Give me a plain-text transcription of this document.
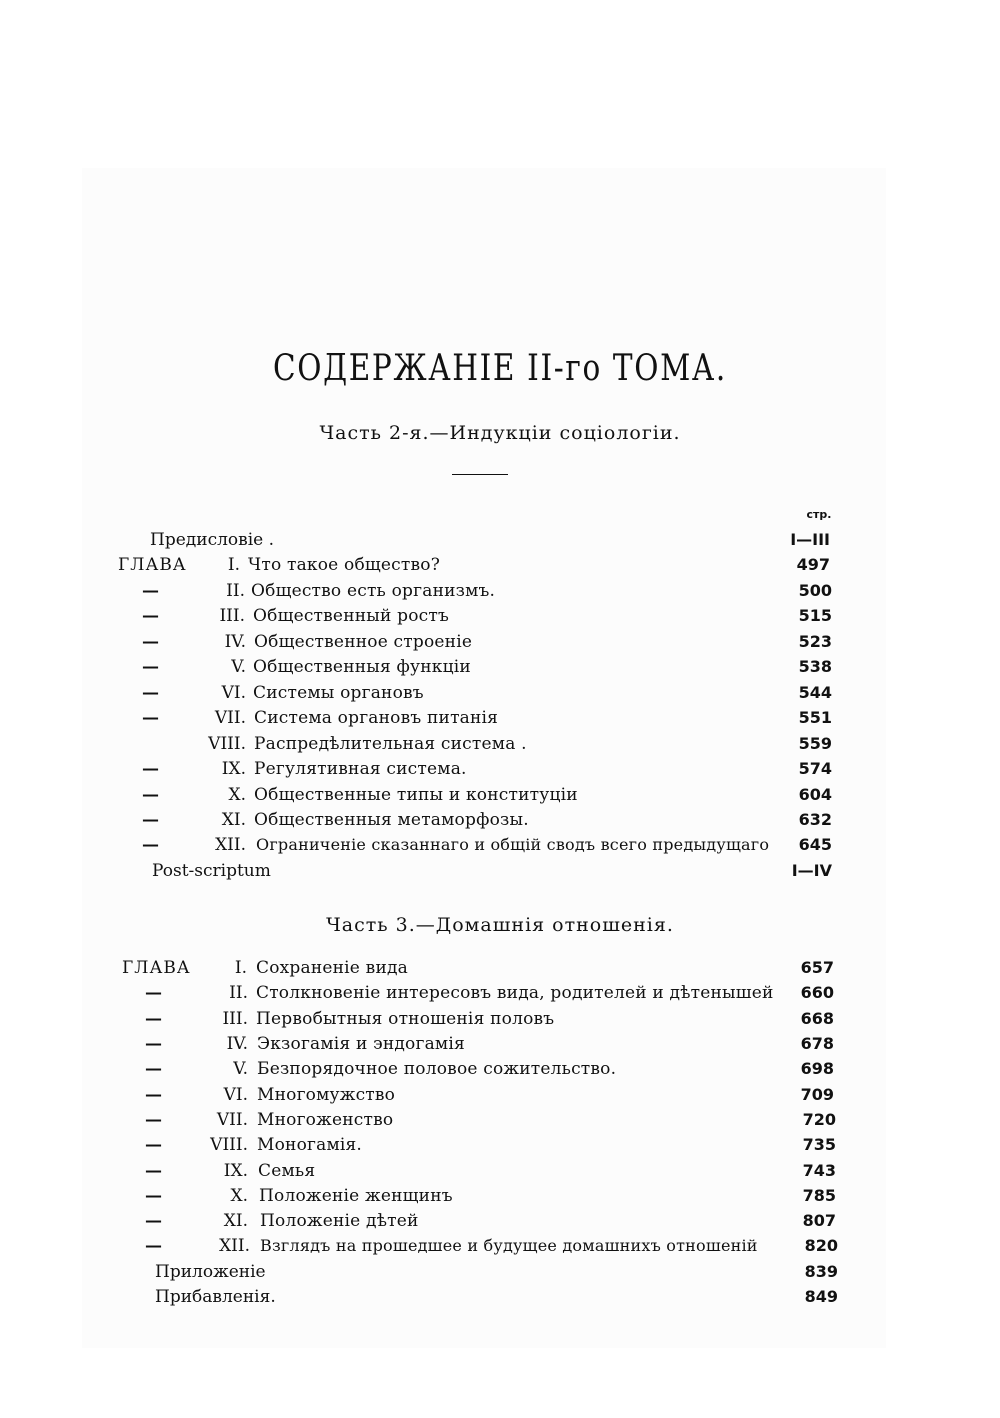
СОДЕРЖАНІЕ II-го ТОМА.
Часть 2-я.—Индукціи соціологіи.
стр.
Предисловіе .	I—III
ГЛАВА I. Что такое общество?	497
—	II. Общество есть организмъ.	500
—	III. Общественный ростъ	515
—	IV. Общественное строеніе	523
—	V. Общественныя функціи	538
—	VI. Системы органовъ	544
—	VII. Система органовъ питанія	551
VIII. Распредѣлительная система .	559
—	IX. Регулятивная система.	574
—	X. Общественные типы и конституціи	604
—	XI. Общественныя метаморфозы.	632
—	XII. Ограниченіе сказаннаго и общій сводъ всего предыдущаго 645
Post-scriptum	I—IV
Часть 3.—Домашнія отношенія.
ГЛАВА	I. Сохраненіе вида	657
—	II. Столкновеніе интересовъ вида, родителей и дѣтенышей 660
—	III. Первобытныя отношенія половъ	668
—	IV. Экзогамія и эндогамія	678
—	V. Безпорядочное половое сожительство.	698
—	VI. Многомужство	709
—	VII. Многоженство	720
—	VIII. Моногамія.	735
—	IX. Семья	743
—	X. Положеніе женщинъ	785
—	XI. Положеніе дѣтей	807
—	XII. Взглядъ на прошедшее и будущее домашнихъ отношеній	820
Приложеніе	839
Прибавленія.	849
